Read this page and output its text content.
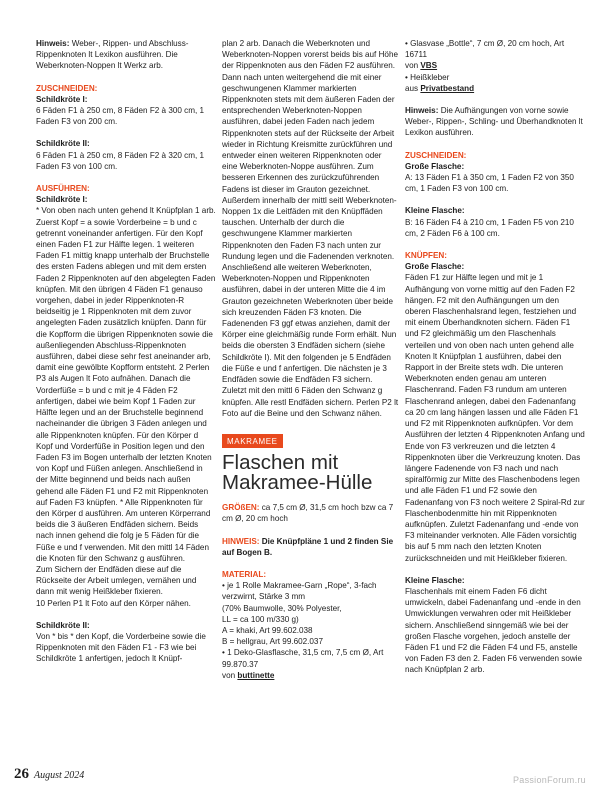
Hinweis: Weber-, Rippen- und Abschluss-Rippenknoten lt Lexikon ausführen. Die Weberknoten-Noppen lt Werkz arb.

ZUSCHNEIDEN:
Schildkröte I:

6 Fäden F1 à 250 cm, 8 Fäden F2 à 300 cm, 1 Faden F3 von 200 cm.

Schildkröte II:

6 Fäden F1 à 250 cm, 8 Fäden F2 à 320 cm, 1 Faden F3 von 100 cm.

AUSFÜHREN:
Schildkröte I:
* Von oben nach unten gehend lt Knüpfplan 1 arb. Zuerst Kopf = a sowie Vorderbeine = b und c getrennt voneinander anfertigen. Für den Kopf einen Faden F1 zur Hälfte legen. 1 weiteren Faden F1 mittig knapp unterhalb der Bruchstelle des ersten Fadens ablegen und mit dem ersten Faden 2 Rippenknoten auf den abgelegten Faden knüpfen. Mit den übrigen 4 Fäden F1 genauso vorgehen, dabei in jeder Rippenknoten-R beidseitig je 1 Rippenknoten mit dem zuvor angelegten Faden zusätzlich knüpfen. Dann für die Kopfform die übrigen Rippenknoten sowie die außenliegenden Abschluss-Rippenknoten ausführen, dabei diese sehr fest aneinander arb, damit eine gewölbte Kopfform entsteht. 2 Perlen P3 als Augen lt Foto aufnähen. Danach die Vorderfüße = b und c mit je 4 Fäden F2 anfertigen, dabei wie beim Kopf 1 Faden zur Hälfte legen und an der Bruchstelle beginnend nacheinander die übrigen 3 Fäden anlegen und alle Rippenknoten knüpfen. Für den Körper d Kopf und Vorderfüße in Position legen und den Faden F3 im Bogen unterhalb der letzten Knoten von Kopf und Füßen anlegen. Anschließend in der Mitte beginnend und beids nach außen gehend alle Fäden F1 und F2 mit Rippenknoten auf Faden F3 knüpfen. * Alle Rippenknoten für den Körper d ausführen. Am unteren Körperrand beids die 3 äußeren Endfäden sichern. Beids nach innen gehend die folg je 5 Fäden für die Füße e und f verwenden. Mit den mittl 14 Fäden die Knoten für den Schwanz g ausführen.
Zum Sichern der Endfäden diese auf die Rückseite der Arbeit umlegen, vernähen und dann mit wenig Heißkleber fixieren.

10 Perlen P1 lt Foto auf den Körper nähen.

Schildkröte II:
Von * bis * den Kopf, die Vorderbeine sowie die Rippenknoten mit den Fäden F1 - F3 wie bei Schildkröte 1 anfertigen, jedoch lt Knüpf-

plan 2 arb. Danach die Weberknoten und Weberknoten-Noppen vorerst beids bis auf Höhe der Rippenknoten aus den Fäden F2 ausführen. Dann nach unten weitergehend die mit einer geschwungenen Klammer markierten Rippenknoten stets mit dem äußeren Faden der entsprechenden Weberknoten-Noppen ausführen, dabei jeden Faden nach jedem Rippenknoten stets auf der Rückseite der Arbeit wieder in Richtung Kreismitte zurückführen und entweder einen weiteren Rippenknoten oder eine Weberknoten-Noppe ausführen. Zum besseren Erkennen des zurückzuführenden Fadens ist dieser im Grauton gezeichnet. Außerdem innerhalb der mittl seitl Weberknoten-Noppen 1x die Leitfäden mit den Knüpffäden tauschen. Unterhalb der durch die geschwungene Klammer markierten Rippenknoten den Faden F3 nach unten zur Rundung legen und die Fadenenden verknoten. Anschließend alle weiteren Weberknoten, Weberknoten-Noppen und Rippenknoten ausführen, dabei in der unteren Mitte die 4 im Grauton gezeichneten Weberknoten über beide sich kreuzenden Fäden F3 knoten. Die Fadenenden F3 ggf etwas anziehen, damit der Körper eine gleichmäßig runde Form erhält. Nun beids die obersten 3 Endfäden sichern (siehe Schildkröte I). Mit den folgenden je 5 Endfäden die Füße e und f anfertigen. Die nächsten je 3 Endfäden sowie die Endfäden F3 sichern. Zuletzt mit den mittl 6 Fäden den Schwanz g knüpfen. Alle restl Endfäden sichern. Perlen P2 lt Foto auf die Beine und den Schwanz nähen.

MAKRAMEE
Flaschen mit
Makramee-Hülle

GRÖßEN: ca 7,5 cm Ø, 31,5 cm hoch bzw ca 7 cm Ø, 20 cm hoch

HINWEIS: Die Knüpfpläne 1 und 2 finden Sie auf Bogen B.

MATERIAL:
• je 1 Rolle Makramee-Garn „Rope“, 3-fach verzwirnt, Stärke 3 mm
(70% Baumwolle, 30% Polyester,
LL = ca 100 m/330 g)
A = khaki, Art 99.602.038
B = hellgrau, Art 99.602.037
• 1 Deko-Glasflasche, 31,5 cm, 7,5 cm Ø, Art 99.870.37
von buttinette
• Glasvase „Bottle“, 7 cm Ø, 20 cm hoch, Art 16711
von VBS
• Heißkleber

aus Privatbestand

Hinweis: Die Aufhängungen von vorne sowie Weber-, Rippen-, Schling- und Überhandknoten lt Lexikon ausführen.

ZUSCHNEIDEN:
Große Flasche:

A: 13 Fäden F1 à 350 cm, 1 Faden F2 von 350 cm, 1 Faden F3 von 100 cm.

Kleine Flasche:

B: 16 Fäden F4 à 210 cm, 1 Faden F5 von 210 cm, 2 Fäden F6 à 100 cm.

KNÜPFEN:
Große Flasche:

Fäden F1 zur Hälfte legen und mit je 1 Aufhängung von vorne mittig auf den Faden F2 hängen. F2 mit den Aufhängungen um den oberen Flaschenhalsrand legen, festziehen und mit einem Überhandknoten sichern. Fäden F1 und F2 gleichmäßig um den Flaschenhals verteilen und von oben nach unten gehend alle Knoten lt Knüpfplan 1 ausführen, dabei den Rapport in der Breite stets wdh. Die unteren Weberknoten enden genau am unteren Flaschenrand. Faden F3 rundum am unteren Flaschenrand anlegen, dabei den Fadenanfang ca 20 cm lang hängen lassen und alle Fäden F1 und F2 mit Rippenknoten aufknüpfen. Vor dem Ausführen der letzten 4 Rippenknoten Anfang und Ende von F3 verkreuzen und die letzten 4 Rippenknoten über die Verkreuzung knoten. Das längere Fadenende von F3 nach und nach spiralförmig zur Mitte des Flaschenbodens legen und alle Fäden F1 und F2 sowie den Fadenanfang von F3 noch weitere 2 Spiral-Rd zur Flaschenbodenmitte hin mit Rippenknoten aufknüpfen. Zuletzt Fadenanfang und -ende von F3 miteinander verknoten. Alle Fäden vorsichtig bis auf 5 mm nach den letzten Knoten zurückschneiden und mit Heißkleber fixieren.

Kleine Flasche:
Flaschenhals mit einem Faden F6 dicht umwickeln, dabei Fadenanfang und -ende in den Umwicklungen verwahren oder mit Heißkleber sichern. Anschließend sinngemäß wie bei der großen Flasche vorgehen, jedoch anstelle der Fäden F1 und F2 die Fäden F4 und F5, anstelle von Faden F3 den 2. Faden F6 verwenden sowie nach Knüpfplan 2 arb.
26 August 2024	PassionForum.ru
